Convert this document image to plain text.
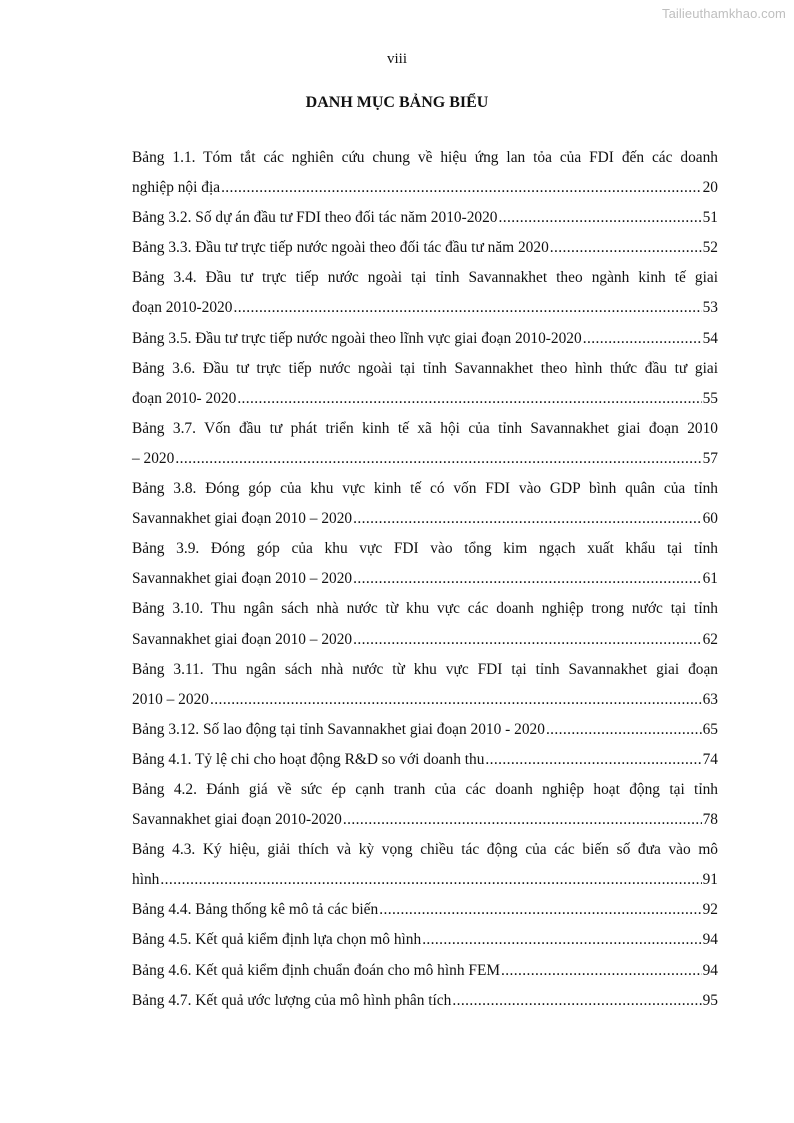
Tailieuthamkhao.com
viii
DANH MỤC BẢNG BIỂU
Bảng 1.1. Tóm tắt các nghiên cứu chung về hiệu ứng lan tỏa của FDI đến các doanh
nghiệp nội địa .....	20
Bảng 3.2. Số dự án đầu tư FDI theo đối tác năm 2010-2020 .....	51
Bảng 3.3. Đầu tư trực tiếp nước ngoài theo đối tác đầu tư năm 2020 .....	52
Bảng 3.4. Đầu tư trực tiếp nước ngoài tại tỉnh Savannakhet theo ngành kinh tế giai
đoạn 2010-2020 .....	53
Bảng 3.5. Đầu tư trực tiếp nước ngoài theo lĩnh vực giai đoạn 2010-2020 .....	54
Bảng 3.6. Đầu tư trực tiếp nước ngoài tại tỉnh Savannakhet theo hình thức đầu tư giai
đoạn 2010- 2020 .....	55
Bảng 3.7. Vốn đầu tư phát triển kinh tế xã hội của tỉnh Savannakhet giai đoạn 2010
– 2020 .....	57
Bảng 3.8. Đóng góp của khu vực kinh tế có vốn FDI vào GDP bình quân của tỉnh
Savannakhet giai đoạn 2010 – 2020 .....	60
Bảng 3.9. Đóng góp của khu vực FDI vào tổng kim ngạch xuất khẩu tại tỉnh
Savannakhet giai đoạn 2010 – 2020 .....	61
Bảng 3.10. Thu ngân sách nhà nước từ khu vực các doanh nghiệp trong nước tại tỉnh
Savannakhet giai đoạn 2010 – 2020 .....	62
Bảng 3.11. Thu ngân sách nhà nước từ khu vực FDI tại tỉnh Savannakhet giai đoạn
2010 – 2020 .....	63
Bảng 3.12. Số lao động tại tỉnh Savannakhet giai đoạn 2010 - 2020 .....	65
Bảng 4.1. Tỷ lệ chi cho hoạt động R&D so với doanh thu .....	74
Bảng 4.2. Đánh giá về sức ép cạnh tranh của các doanh nghiệp hoạt động tại tỉnh
Savannakhet giai đoạn 2010-2020 .....	78
Bảng 4.3. Ký hiệu, giải thích và kỳ vọng chiều tác động của các biến số đưa vào mô
hình .....	91
Bảng 4.4. Bảng thống kê mô tả các biến .....	92
Bảng 4.5. Kết quả kiểm định lựa chọn mô hình .....	94
Bảng 4.6. Kết quả kiểm định chuẩn đoán cho mô hình FEM .....	94
Bảng 4.7. Kết quả ước lượng của mô hình phân tích .....	95
